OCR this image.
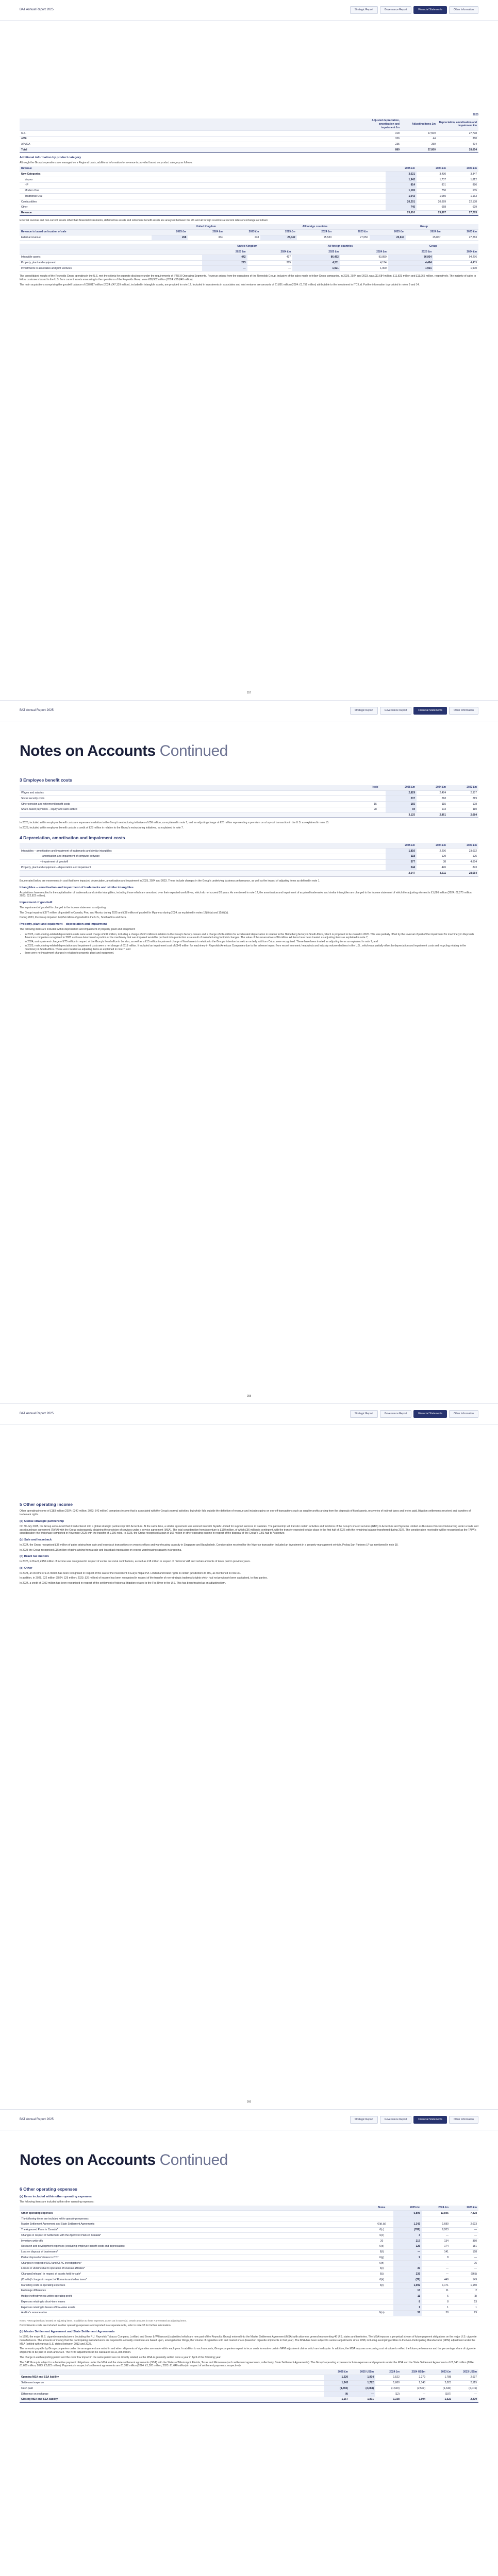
BAT Annual Report 2025	Strategic Report	Governance Report	Financial Statements	Other Information
2025
	Adjusted depreciation, amortisation and impairment £m	Adjusting items £m	Depreciation, amortisation and impairment £m
U.S.	318	27,509	27,798
AME	336	44	380
APMEA	235	259	494
Total	889	27,800	28,654
Additional information by product category

Although the Group's operations are managed on a Regional basis, additional information for revenue is provided based on product category as follows:

Revenue	2025 £m	2024 £m	2023 £m
New Categories	3,621	3,430	3,347
Vapour	1,942	1,737	1,812
HP	814	801	886
Modern Oral	1,165	750	535
Traditional Oral	1,043	1,050	1,163
Combustibles	20,201	20,689	22,138
Other	745	658	629
Revenue	25,610	25,867	27,283

External revenue and non-current assets other than financial instruments, deferred tax assets and retirement benefit assets are analysed between the UK and all foreign countries at current rates of exchange as follows:

	United Kingdom			All foreign countries			Group		
Revenue is based on location of sale	2025 £m	2024 £m	2023 £m	2025 £m	2024 £m	2023 £m	2025 £m	2024 £m	2023 £m
External revenue	268	334	233	25,342	25,533	27,050	25,610	25,867	27,283
	United Kingdom		All foreign countries		Group	
	2025 £m	2024 £m	2025 £m	2024 £m	2025 £m	2024 £m
Intangible assets	442	417	86,492	93,859	86,934	94,276
Property, plant and equipment	273	285	4,211	4,174	4,484	4,459
Investments in associates and joint ventures	—	—	1,921	1,900	1,921	1,900

The consolidated results of the Reynolds Group operating in the U.S. met the criteria for separate disclosure under the requirements of IFRS 8 Operating Segments. Revenue arising from the operations of the Reynolds Group, inclusive of the sales made to fellow Group companies, in 2025, 2024 and 2023, was £11,684 million, £11,823 million and £11,965 million, respectively. The majority of sales to fellow customers based in the U.S. from current assets amounting to the operations of the Reynolds Group were £88,982 million (2024: £95,840 million).

The main acquisitions comprising the goodwill balance of £38,817 million (2024: £47,139 million), included in intangible assets, are provided in note 12. Included in investments in associates and joint ventures are amounts of £1,891 million (2024: £1,752 million) attributable to the investment in ITC Ltd. Further information is provided in notes 9 and 14.

257
BAT Annual Report 2025	Strategic Report	Governance Report	Financial Statements	Other Information
Notes on Accounts Continued
3 Employee benefit costs
	Note	2025 £m	2024 £m	2023 £m
Wages and salaries		2,829	2,424	2,357
Social security costs		237	218	219
Other pension and retirement benefit costs	15	165	115	108
Share-based payments – equity and cash-settled	28	94	103	110
		3,125	2,861	2,684

In 2025, included within employee benefit costs are expenses in relation to the Group's restructuring initiatives of £56 million, as explained in note 7, and an adjusting charge of £28 million representing a premium on a buy-out transaction in the U.S. as explained in note 15.

In 2023, included within employee benefit costs is a credit of £28 million in relation to the Group's restructuring initiatives, as explained in note 7.

4 Depreciation, amortisation and impairment costs
	2025 £m	2024 £m	2023 £m
Intangibles – amortisation and impairment of trademarks and similar intangibles	1,810	2,296	23,032
– amortisation and impairment of computer software	118	129	125
– impairment of goodwill	377	38	4,654
Property, plant and equipment – depreciation and impairment	544	426	843
	2,547	3,511	28,654

Enumerated below are movements in cost that have impacted depreciation, amortisation and impairment in 2025, 2024 and 2023. These include changes in the Group's underlying business performance, as well as the impact of adjusting items as defined in note 1.

Intangibles – amortisation and impairment of trademarks and similar intangibles

Acquisitions have resulted in the capitalisation of trademarks and similar intangibles, including those which are amortised over their expected useful lives, which do not exceed 20 years. As mentioned in note 12, the amortisation and impairment of acquired trademarks and similar intangibles are charged to the income statement of which the adjusting element is £1,686 million (2024: £2,275 million; 2023: £22,922 million).

Impairment of goodwill

The impairment of goodwill is charged to the income statement as adjusting.

The Group impaired £377 million of goodwill in Canada, Peru and Mexico during 2025 and £38 million of goodwill in Myanmar during 2024, as explained in notes 12(iii)(a) and 12(iii)(b).

During 2023, the Group impaired £4,654 million of goodwill in the U.S., South Africa and Peru.

Property, plant and equipment – depreciation and impairment

The following items are included within depreciation and impairment of property, plant and equipment:

• in 2025, restructuring-related depreciation costs were a net charge of £19 million, including a charge of £21 million in relation to the Group's factory closure and a charge of £14 million for accelerated depreciation in relation to the Heidelberg factory in South Africa, which is proposed to be closed in 2026. This was partially offset by the reversal of part of the impairment for machinery in Reynolds American companies recognised in 2023 as it was determined a portion of the machinery that was impaired would be put back into production as a result of manufacturing footprint changes. The value of this reversal was £16 million. All items have been treated as adjusting items as explained in note 7;
• in 2024, an impairment charge of £75 million in respect of the Group's head office in London, as well as a £15 million impairment charge of fixed assets in relation to the Group's intention to seek an orderly exit from Cuba, were recognised. These have been treated as adjusting items as explained in note 7; and
• in 2023, restructuring-related depreciation and impairment costs were a net charge of £118 million. It included an impairment cost of £149 million for machinery in Reynolds American Companies due to the adverse impact from recent economic headwinds and industry volume declines in the U.S., which was partially offset by depreciation and impairment costs and recycling relating to the machinery in South Africa. These were treated as adjusting items as explained in note 7; and
• there were no impairment charges in relation to property, plant and equipment.
258
BAT Annual Report 2025	Strategic Report	Governance Report	Financial Statements	Other Information
5 Other operating income

Other operating income of £183 million (2024: £340 million; 2023: £42 million) comprises income that is associated with the Group's normal activities, but which falls outside the definition of revenue and includes gains on one-off transactions such as supplier profits arising from the disposals of fixed assets, recoveries of indirect taxes and levies paid, litigation settlements received and transfers of trademark rights.

(a) Global strategic partnership

On 30 July 2025, the Group announced that it had entered into a global strategic partnership with Accenture. At the same time, a similar agreement was entered into with Siyakhi Limited for support services in Pakistan. The partnership will transfer certain activities and functions of the Group's shared services (GBS) to Accenture and Systems Limited as Business Process Outsourcing under a trade and asset purchase agreement (TAPA) with the Group subsequently obtaining the provision of services under a service agreement (MSA). The total consideration from Accenture is £150 million, of which £56 million is contingent, with the transfer expected to take place in the first half of 2026 with the remaining balance transferred during 2027. The consideration receivable will be recognised as the TAPA's consideration; the first phase completed in November 2025 with the transfer of 1,000 roles. In 2025, the Group recognised a gain of £66 million in other operating income in respect of the disposal of the Group's GBS hub to Accenture.

(b) Sale and leaseback

In 2024, the Group recognised £36 million of gains arising from sale and leaseback transactions on vessels offices and warehousing capacity in Singapore and Bangladesh. Consideration received for the Nigerian transaction included an investment in a property management vehicle, Prolog Sun Partners LP as mentioned in note 18.

In 2023 the Group recognised £15 million of gains arising from a sale and leaseback transaction on excess warehousing capacity in Argentina.

(c) Brazil tax matters

In 2025, in Brazil, £150 million of income was recognised in respect of excise on social contributions, as well as £18 million in respect of historical VAT and certain amounts of taxes paid in previous years.

(d) Other

In 2024, an income of £16 million has been recognised in respect of the sale of the investment in Eurya Nepal Pvt. Limited and brand rights in certain jurisdictions to ITC, as mentioned in note 30.

In addition, in 2025, £22 million (2024: £29 million; 2023: £26 million) of income has been recognised in respect of the transfer of non-strategic trademark rights which had not previously been capitalised, to third parties.

In 2024, a credit of £102 million has been recognised in respect of the settlement of historical litigation related to the Fox River in the U.S. This has been treated as an adjusting item.

266
BAT Annual Report 2025	Strategic Report	Governance Report	Financial Statements	Other Information
Notes on Accounts Continued
6 Other operating expenses
(a) Items included within other operating expenses

The following items are included within other operating expenses:

	Notes	2025 £m	2024 £m	2023 £m
Other operating expenses		5,895	13,595	7,328
The following items are included within operating expenses:				
Master Settlement Agreement and State Settlement Agreements	6(b),(d)	1,343	1,680	2,023
The Approved Plans in Canada*	6(c)	(768)	6,203	—
Changes in respect of Settlement with the Approved Plans in Canada*	6(c)	3	—	—
Inventory write-offs	20	217	134	350
Research and development expenses (excluding employee benefit costs and depreciation)	6(e)	125	174	181
Loss on disposal of businesses*	6(f)	—	141	158
Partial disposal of shares in ITC*	6(g)	9	8	—
Charges in respect of DOJ and OFAC investigations*	6(h)	—	—	75
Losses in Ukraine due to operation of Russian affiliates*	6(i)	39	—	—
Changes/(release) in respect of assets held for sale*	6(j)	235	—	(565)
(Credits)/ charges in respect of Romania and other taxes*	6(k)	(78)	449	149
Marketing costs in operating expenses	6(l)	1,092	1,171	1,150
Exchange differences		13	11	2
Hedge ineffectiveness within operating profit		11	6	(3)
Expenses relating to short-term leases		8	8	13
Expenses relating to leases of low-value assets		1	1	1
Auditor's remuneration	6(m)	31	30	29

Notes: * Recognised and treated as adjusting items. In addition to these expenses, as set out in note 6(a), certain amounts in note 7 are treated as adjusting items.

Commitments costs are included in other operating expenses and reported in a separate note, refer to note 33 for further information.

(b) Master Settlement Agreement and State Settlement Agreements

In 1998, the major U.S. cigarette manufacturers (including the R.J. Reynolds Tobacco Company, Lorillard and Brown & Williamson) (submitted which are now part of the Reynolds Group) entered into the Master Settlement Agreement (MSA) with attorneys general representing 46 U.S. states and territories. The MSA imposes a perpetual stream of future payment obligations on the major U.S. cigarette manufacturers. The amounts of money that the participating manufacturers are required to annually contribute are based upon, amongst other things, the volume of cigarettes sold and market share (based on cigarette shipments in that year). The MSA has been subject to various adjustments since 1998, including exempting entities to the Non-Participating Manufacturer (NPM) adjustment under the MSA (settled with various U.S. states) between 2013 and 2025.

The amounts payable by Group companies under the arrangement are noted in and when shipments of cigarettes are made within each year. In addition to such amounts, Group companies expect to incur costs to resolve certain NPM adjustment claims which are in dispute. In addition, the MSA imposes a recurring cost structure to reflect the future performance and the percentage share of cigarette shipments to be paid in 2025 and 2024. The NPM adjustment can be calculated as £1,356 million.

The charge in each reporting period and the cash flow impact in the same period are not directly related, as the MSA is generally settled once a year in April of the following year.

The BAT Group is subject to substantive payment obligations under the MSA and the state settlement agreements (SSA) with the States of Mississippi, Florida, Texas and Minnesota (such settlement agreements, collectively, State Settlement Agreements). The Group's operating expenses include expenses and payments under the MSA and the State Settlement Agreements of £1,343 million (2024: £1,680 million; 2023: £2,023 million). Payments in respect of settlement agreements are £1,392 million (2024: £1,520 million; 2023: £1,640 million) in respect of settlement payments, respectively.

	2025 £m	2025 US$m	2024 £m	2024 US$m	2023 £m	2023 US$m
Opening MSA and SSA liability	1,220	1,904	1,522	2,279	1,788	2,637
Settlement expense	1,343	1,782	1,680	2,148	2,023	2,515
Cash paid	(1,392)	(2,068)	(1,520)	(2,509)	(1,640)	(2,015)
Difference on exchange	(4)	—	(12)	—	(197)	—
Closing MSA and SSA liability	1,167	1,801	1,338	1,904	1,522	2,279
